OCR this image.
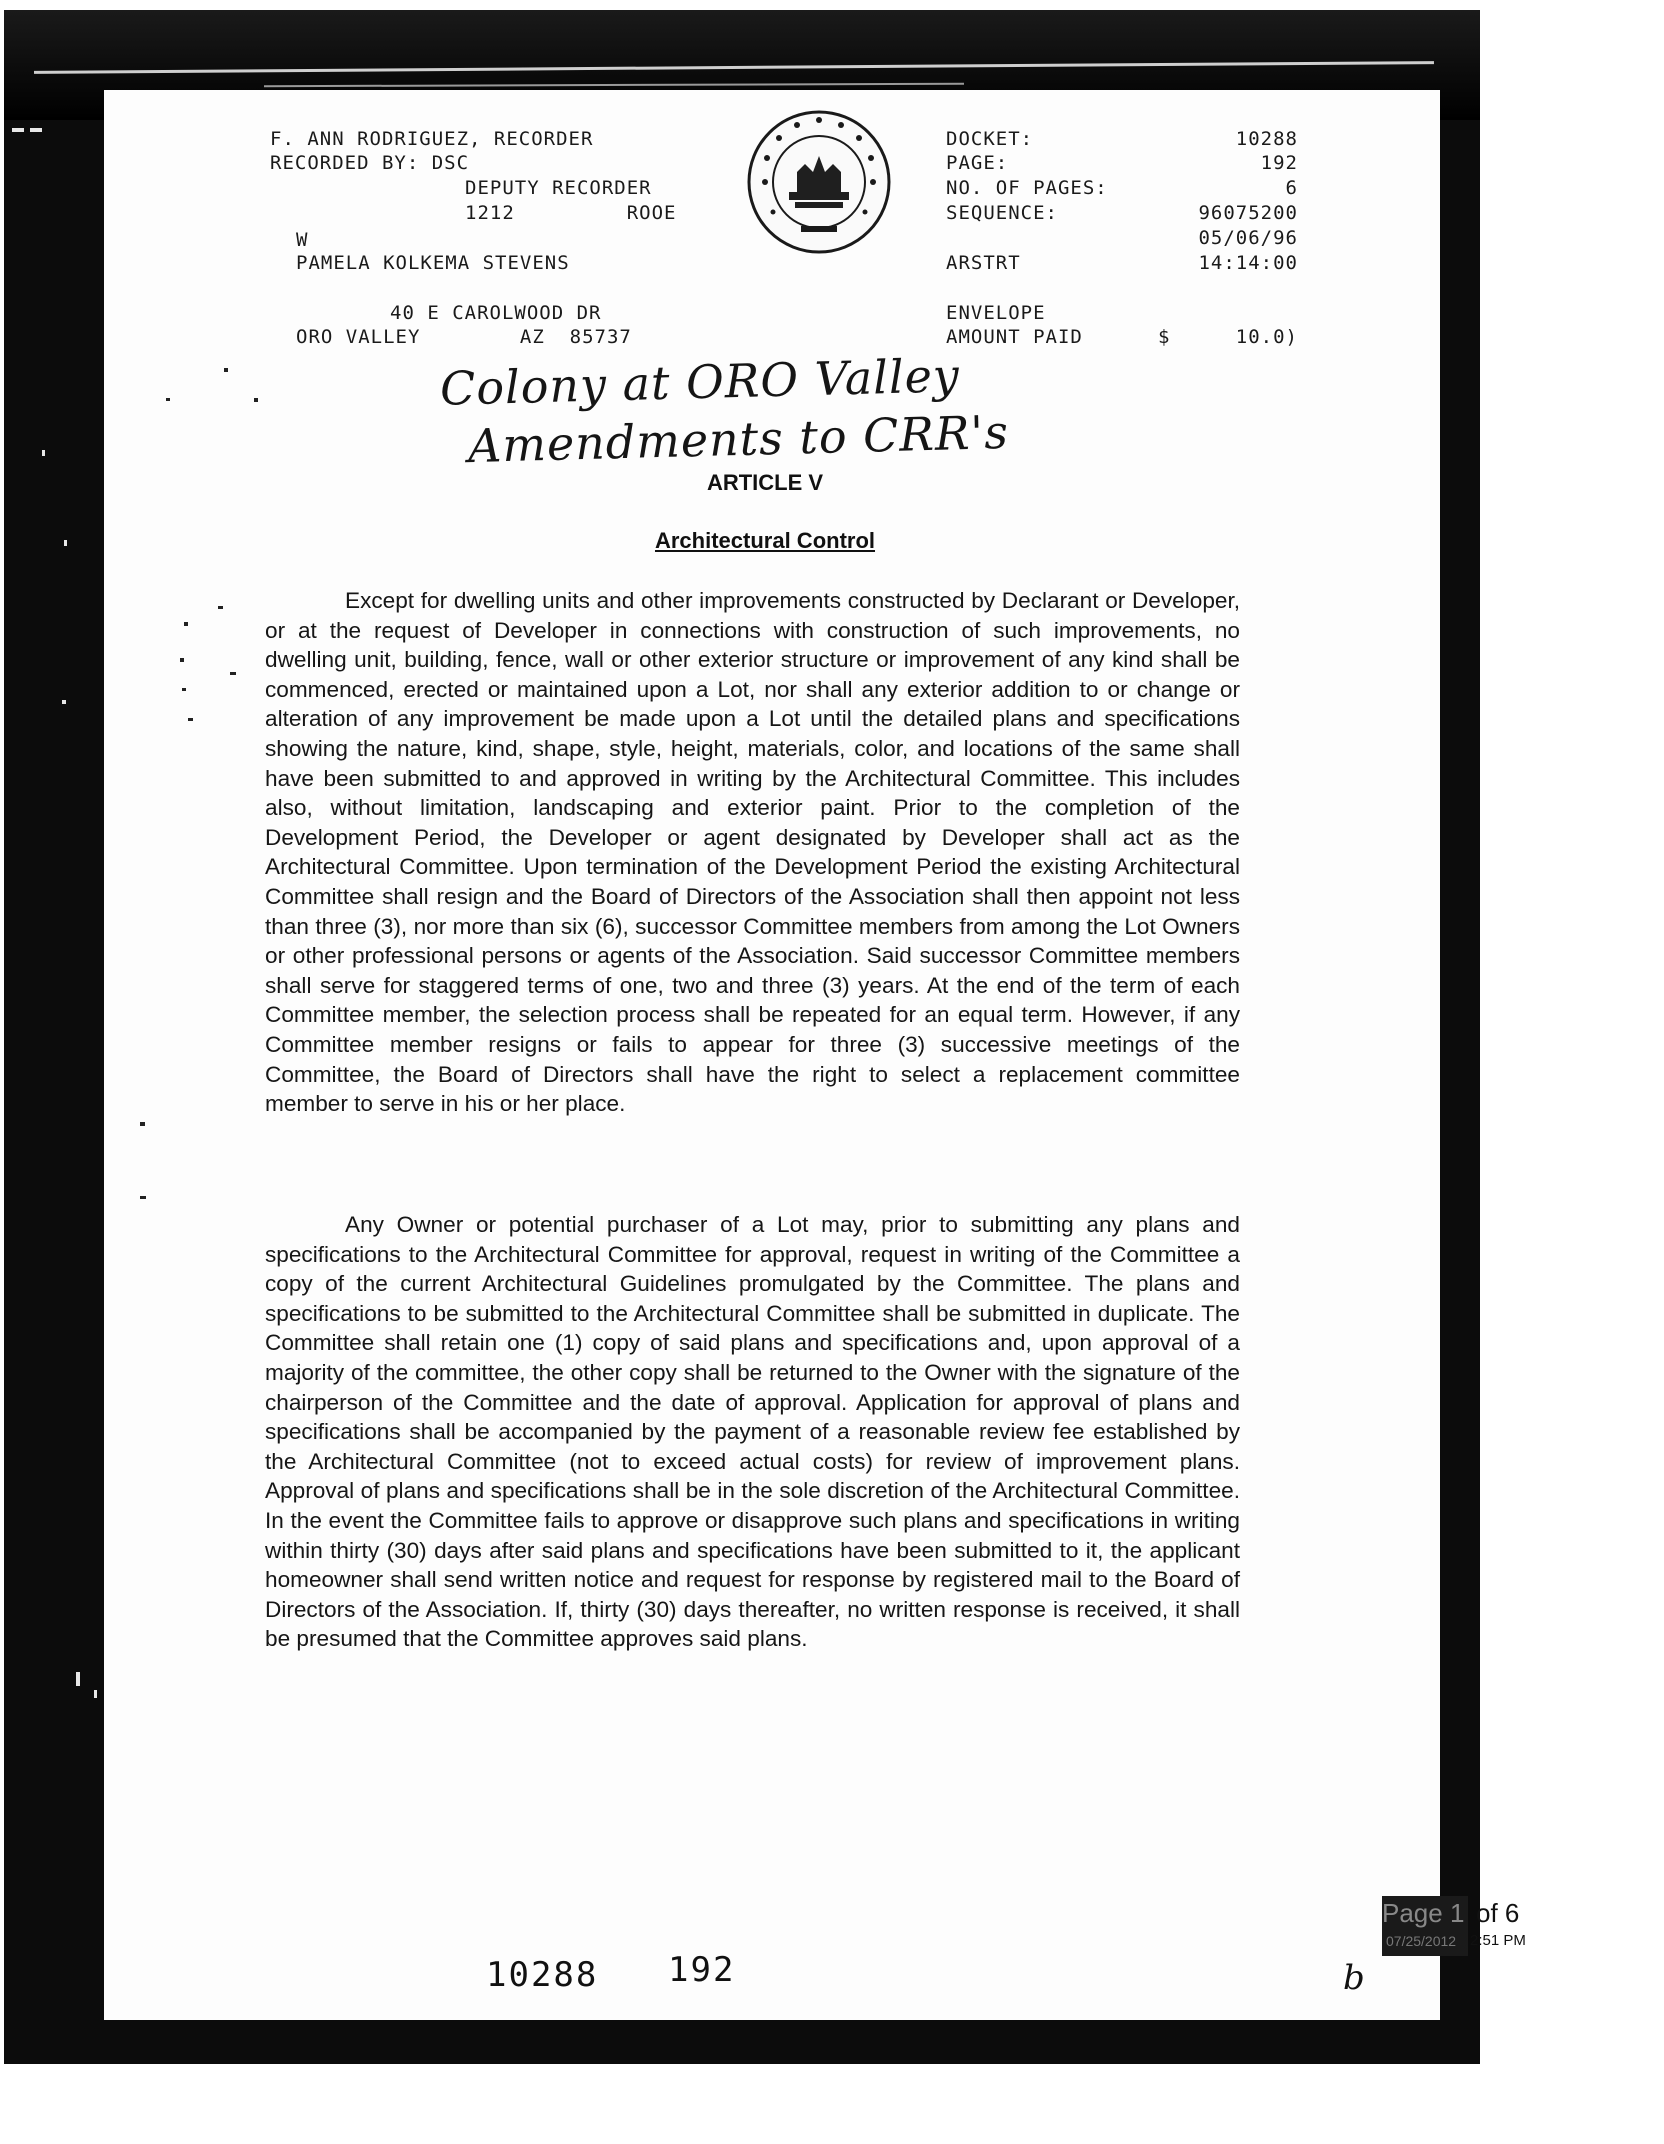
F. ANN RODRIGUEZ, RECORDER
RECORDED BY: DSC
DEPUTY RECORDER
1212         ROOE
W
PAMELA KOLKEMA STEVENS
40 E CAROLWOOD DR
ORO VALLEY        AZ  85737
DOCKET:	10288
PAGE:	192
NO. OF PAGES:	6
SEQUENCE:	96075200
05/06/96
ARSTRT	14:14:00
ENVELOPE
AMOUNT PAID	$	10.0)
Colony at ORO Valley
Amendments to CRR's
ARTICLE V
Architectural Control

Except for dwelling units and other improvements constructed by Declarant or Developer, or at the request of Developer in connections with construction of such improvements, no dwelling unit, building, fence, wall or other exterior structure or improvement of any kind shall be commenced, erected or maintained upon a Lot, nor shall any exterior addition to or change or alteration of any improvement be made upon a Lot until the detailed plans and specifications showing the nature, kind, shape, style, height, materials, color, and locations of the same shall have been submitted to and approved in writing by the Architectural Committee. This includes also, without limitation, landscaping and exterior paint. Prior to the completion of the Development Period, the Developer or agent designated by Developer shall act as the Architectural Committee. Upon termination of the Development Period the existing Architectural Committee shall resign and the Board of Directors of the Association shall then appoint not less than three (3), nor more than six (6), successor Committee members from among the Lot Owners or other professional persons or agents of the Association. Said successor Committee members shall serve for staggered terms of one, two and three (3) years. At the end of the term of each Committee member, the selection process shall be repeated for an equal term. However, if any Committee member resigns or fails to appear for three (3) successive meetings of the Committee, the Board of Directors shall have the right to select a replacement committee member to serve in his or her place.

Any Owner or potential purchaser of a Lot may, prior to submitting any plans and specifications to the Architectural Committee for approval, request in writing of the Committee a copy of the current Architectural Guidelines promulgated by the Committee. The plans and specifications to be submitted to the Architectural Committee shall be submitted in duplicate. The Committee shall retain one (1) copy of said plans and specifications and, upon approval of a majority of the committee, the other copy shall be returned to the Owner with the signature of the chairperson of the Committee and the date of approval. Application for approval of plans and specifications shall be accompanied by the payment of a reasonable review fee established by the Architectural Committee (not to exceed actual costs) for review of improvement plans. Approval of plans and specifications shall be in the sole discretion of the Architectural Committee. In the event the Committee fails to approve or disapprove such plans and specifications in writing within thirty (30) days after said plans and specifications have been submitted to it, the applicant homeowner shall send written notice and request for response by registered mail to the Board of Directors of the Association. If, thirty (30) days thereafter, no written response is received, it shall be presumed that the Committee approves said plans.

10288 192	b
Page 1 of 6
07/25/2012 2:51 PM
